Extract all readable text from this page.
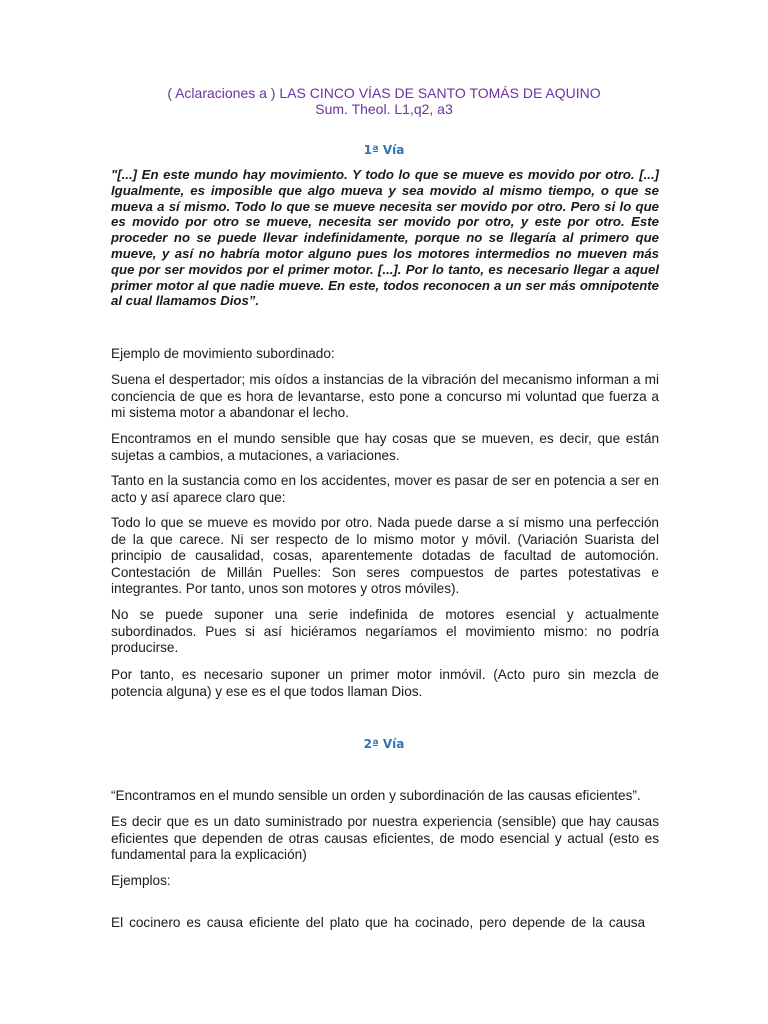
( Aclaraciones a ) LAS CINCO VÍAS DE SANTO TOMÁS DE AQUINO
Sum. Theol. L1,q2, a3
1ª Vía

"[...] En este mundo hay movimiento. Y todo lo que se mueve es movido por otro. [...] Igualmente, es imposible que algo mueva y sea movido al mismo tiempo, o que se mueva a sí mismo. Todo lo que se mueve necesita ser movido por otro. Pero si lo que es movido por otro se mueve, necesita ser movido por otro, y este por otro. Este proceder no se puede llevar indefinidamente, porque no se llegaría al primero que mueve, y así no habría motor alguno pues los motores intermedios no mueven más que por ser movidos por el primer motor. [...]. Por lo tanto, es necesario llegar a aquel primer motor al que nadie mueve. En este, todos reconocen a un ser más omnipotente al cual llamamos Dios”.

Ejemplo de movimiento subordinado:

Suena el despertador; mis oídos a instancias de la vibración del mecanismo informan a mi conciencia de que es hora de levantarse, esto pone a concurso mi voluntad que fuerza a mi sistema motor a abandonar el lecho.

Encontramos en el mundo sensible que hay cosas que se mueven, es decir, que están sujetas a cambios, a mutaciones, a variaciones.

Tanto en la sustancia como en los accidentes, mover es pasar de ser en potencia a ser en acto y así aparece claro que:

Todo lo que se mueve es movido por otro. Nada puede darse a sí mismo una perfección de la que carece. Ni ser respecto de lo mismo motor y móvil. (Variación Suarista del principio de causalidad, cosas, aparentemente dotadas de facultad de automoción. Contestación de Millán Puelles: Son seres compuestos de partes potestativas e integrantes. Por tanto, unos son motores y otros móviles).

No se puede suponer una serie indefinida de motores esencial y actualmente subordinados. Pues si así hiciéramos negaríamos el movimiento mismo: no podría producirse.

Por tanto, es necesario suponer un primer motor inmóvil. (Acto puro sin mezcla de potencia alguna) y ese es el que todos llaman Dios.

2ª Vía

“Encontramos en el mundo sensible un orden y subordinación de las causas eficientes”.

Es decir que es un dato suministrado por nuestra experiencia (sensible) que hay causas eficientes que dependen de otras causas eficientes, de modo esencial y actual (esto es fundamental para la explicación)

Ejemplos:

El cocinero es causa eficiente del plato que ha cocinado, pero depende de la causa
